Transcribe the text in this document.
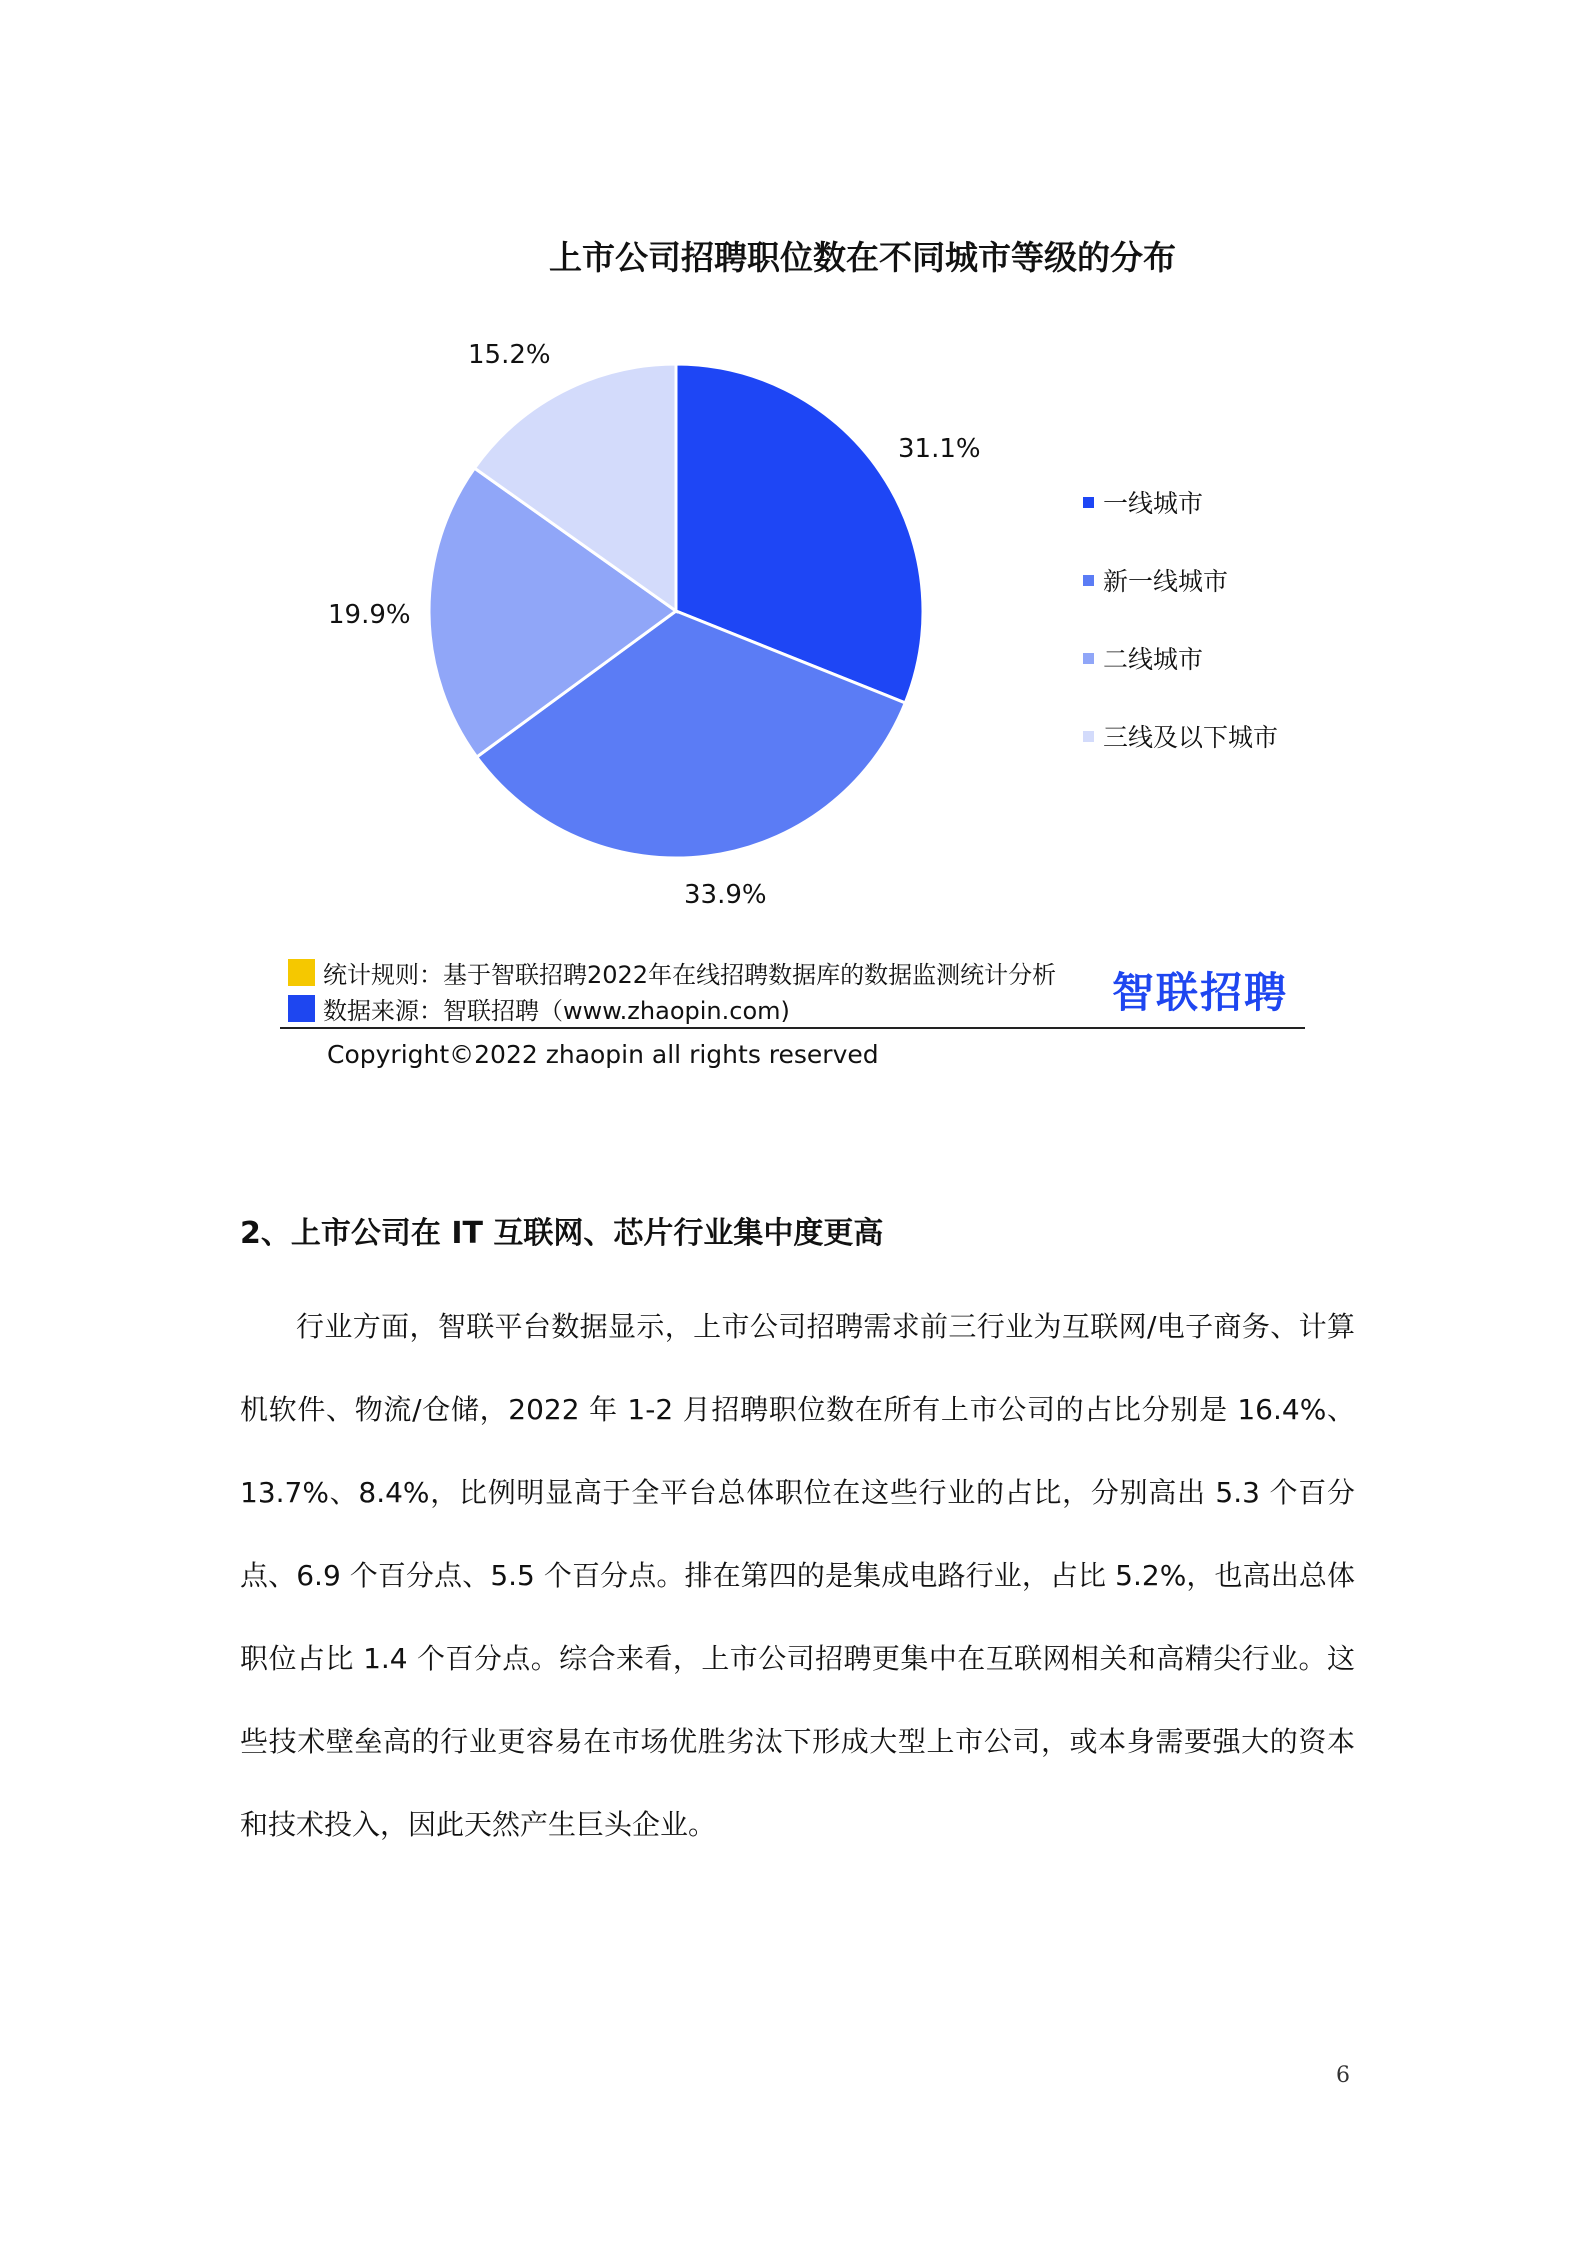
上市公司招聘职位数在不同城市等级的分布
31.1%
33.9%
19.9%
15.2%
一线城市
新一线城市
二线城市
三线及以下城市
统计规则：基于智联招聘2022年在线招聘数据库的数据监测统计分析
数据来源：智联招聘（www.zhaopin.com)	智联招聘
Copyright©2022 zhaopin all rights reserved
2、上市公司在 IT 互联网、芯片行业集中度更高
行业方面，智联平台数据显示，上市公司招聘需求前三行业为互联网/电子商务、计算机软件、物流/仓储，2022 年 1-2 月招聘职位数在所有上市公司的占比分别是 16.4%、13.7%、8.4%，比例明显高于全平台总体职位在这些行业的占比，分别高出 5.3 个百分点、6.9 个百分点、5.5 个百分点。排在第四的是集成电路行业，占比 5.2%，也高出总体职位占比 1.4 个百分点。综合来看，上市公司招聘更集中在互联网相关和高精尖行业。这些技术壁垒高的行业更容易在市场优胜劣汰下形成大型上市公司，或本身需要强大的资本和技术投入，因此天然产生巨头企业。
6
